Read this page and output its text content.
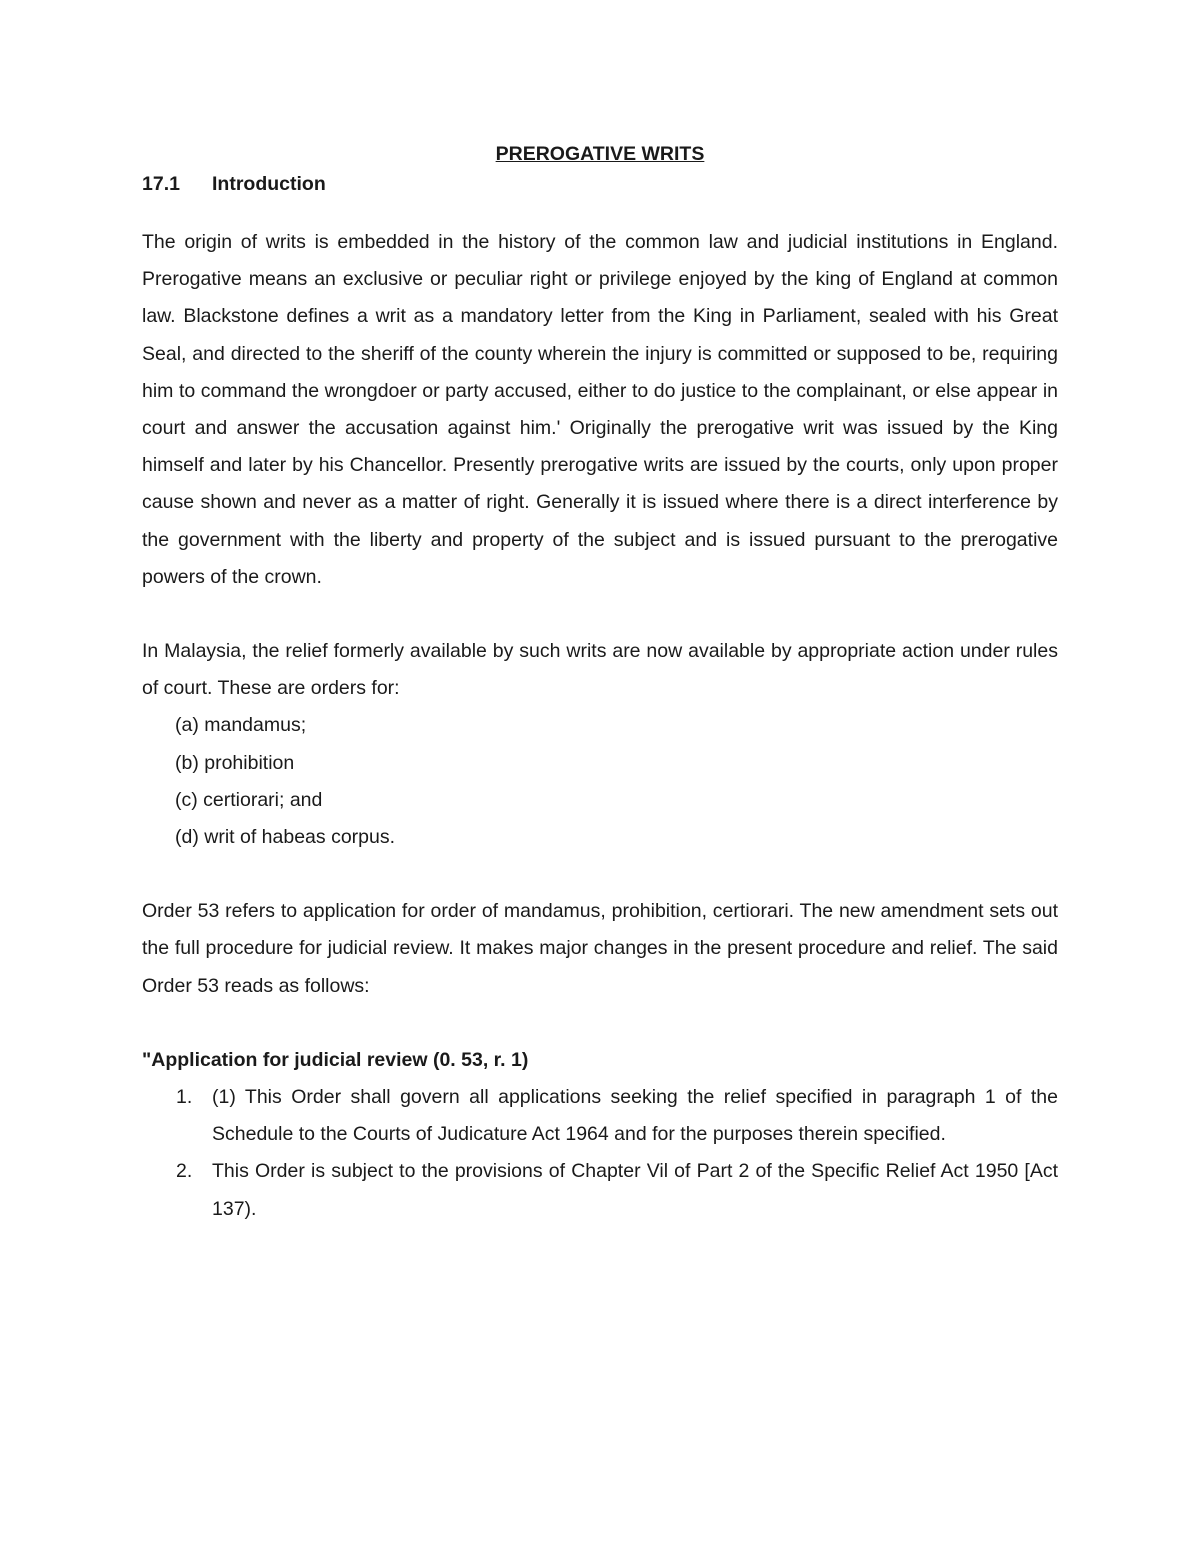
PREROGATIVE WRITS
17.1	Introduction

The origin of writs is embedded in the history of the common law and judicial institutions in England. Prerogative means an exclusive or peculiar right or privilege enjoyed by the king of England at common law. Blackstone defines a writ as a mandatory letter from the King in Parliament, sealed with his Great Seal, and directed to the sheriff of the county wherein the injury is committed or supposed to be, requiring him to command the wrongdoer or party accused, either to do justice to the complainant, or else appear in court and answer the accusation against him.' Originally the prerogative writ was issued by the King himself and later by his Chancellor. Presently prerogative writs are issued by the courts, only upon proper cause shown and never as a matter of right. Generally it is issued where there is a direct interference by the government with the liberty and property of the subject and is issued pursuant to the prerogative powers of the crown.

In Malaysia, the relief formerly available by such writs are now available by appropriate action under rules of court. These are orders for:

(a) mandamus;
(b) prohibition
(c) certiorari; and
(d) writ of habeas corpus.

Order 53 refers to application for order of mandamus, prohibition, certiorari. The new amendment sets out the full procedure for judicial review. It makes major changes in the present procedure and relief. The said Order 53 reads as follows:

"Application for judicial review (0. 53, r. 1)

1.	(1) This Order shall govern all applications seeking the relief specified in paragraph 1 of the Schedule to the Courts of Judicature Act 1964 and for the purposes therein specified.
2.	This Order is subject to the provisions of Chapter Vil of Part 2 of the Specific Relief Act 1950 [Act 137).
